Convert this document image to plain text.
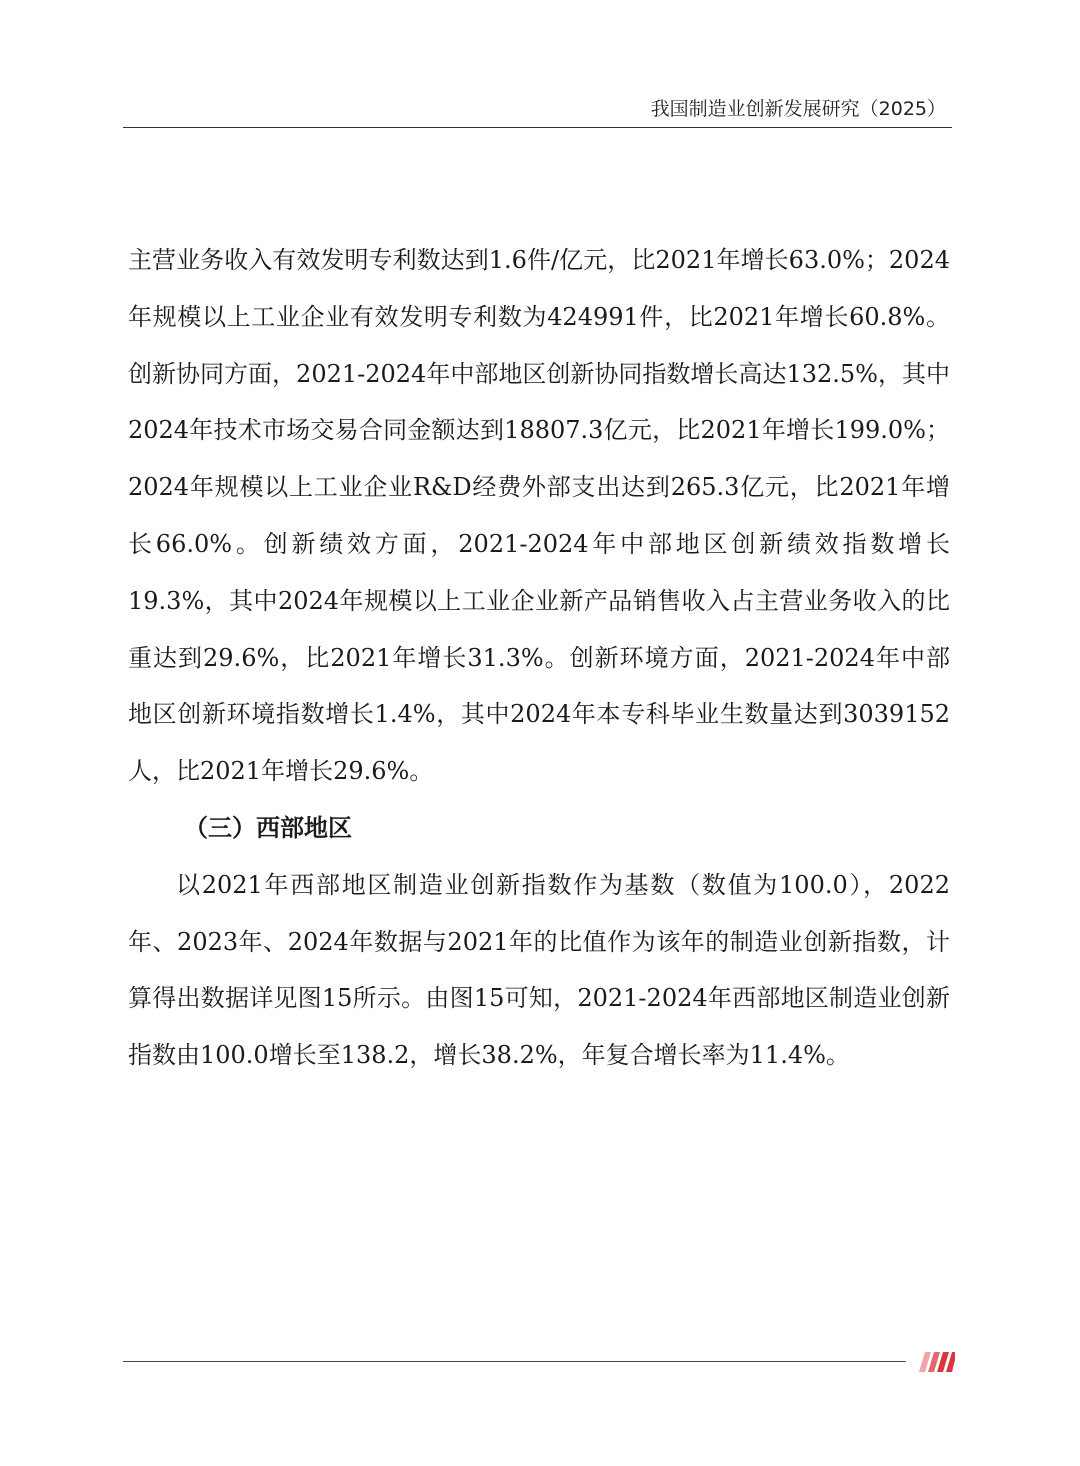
我国制造业创新发展研究（2025）

主营业务收入有效发明专利数达到1.6件/亿元，比2021年增长63.0%；2024年规模以上工业企业有效发明专利数为424991件，比2021年增长60.8%。创新协同方面，2021-2024年中部地区创新协同指数增长高达132.5%，其中2024年技术市场交易合同金额达到18807.3亿元，比2021年增长199.0%；2024年规模以上工业企业R&D经费外部支出达到265.3亿元，比2021年增长66.0%。创新绩效方面，2021-2024年中部地区创新绩效指数增长19.3%，其中2024年规模以上工业企业新产品销售收入占主营业务收入的比重达到29.6%，比2021年增长31.3%。创新环境方面，2021-2024年中部地区创新环境指数增长1.4%，其中2024年本专科毕业生数量达到3039152人，比2021年增长29.6%。

（三）西部地区

以2021年西部地区制造业创新指数作为基数（数值为100.0），2022年、2023年、2024年数据与2021年的比值作为该年的制造业创新指数，计算得出数据详见图15所示。由图15可知，2021-2024年西部地区制造业创新指数由100.0增长至138.2，增长38.2%，年复合增长率为11.4%。
